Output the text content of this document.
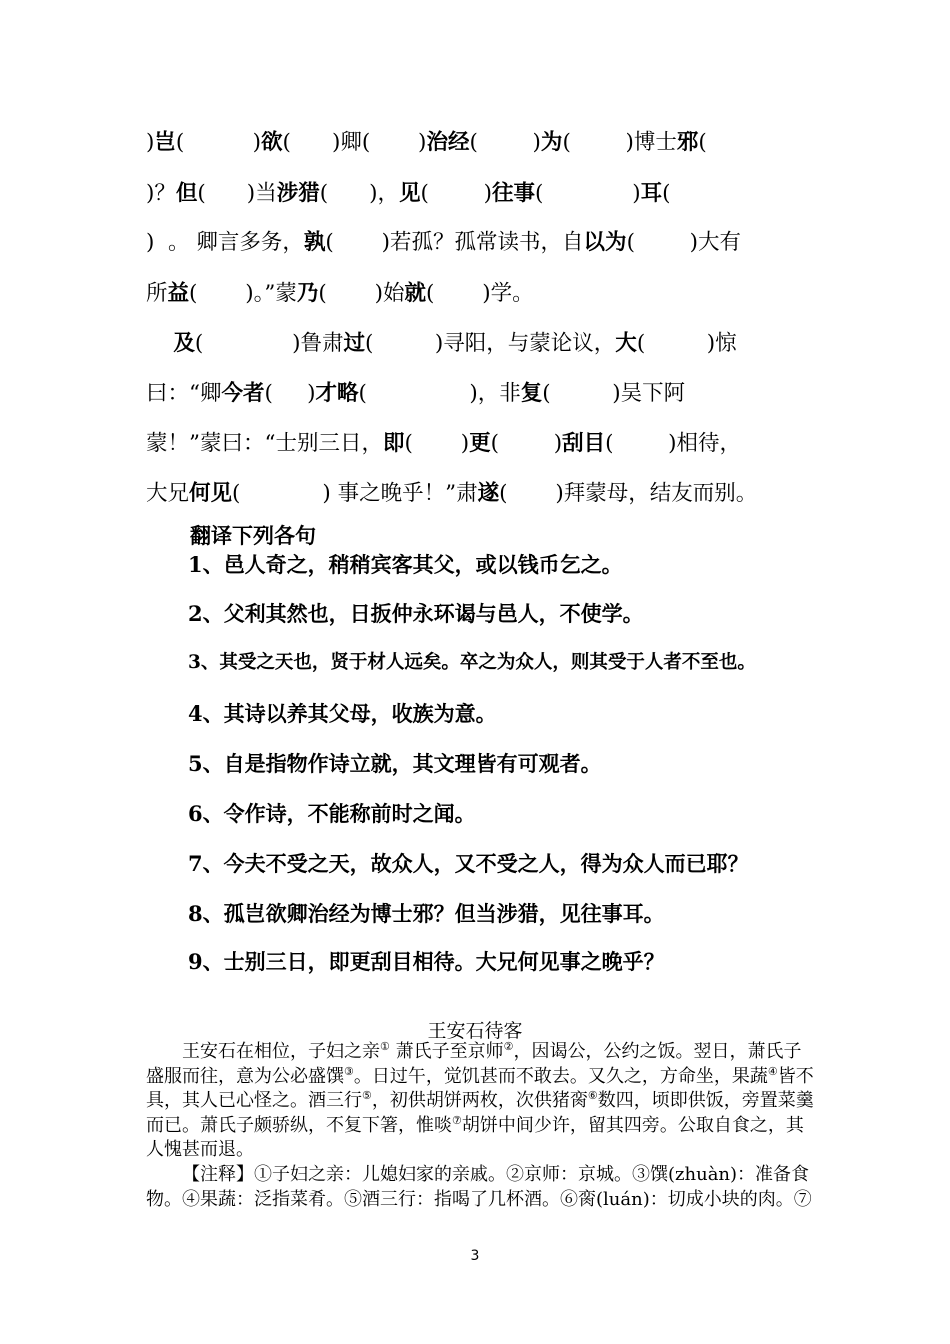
)岂(          )欲(      )卿(       )治经(        )为(        )博士邪(
)？但(      )当涉猎(      )，见(        )往事(             )耳(
)  。 卿言多务，孰(       )若孤？孤常读书，自以为(        )大有
所益(       )。”蒙乃(       )始就(       )学。
及(             )鲁肃过(         )寻阳，与蒙论议，大(         )惊
曰：“卿今者(     )才略(               )，非复(         )吴下阿
蒙！”蒙曰：“士别三日，即(       )更(        )刮目(        )相待，
大兄何见(            ) 事之晚乎！”肃遂(       )拜蒙母，结友而别。
翻译下列各句
1、邑人奇之，稍稍宾客其父，或以钱币乞之。
2、父利其然也，日扳仲永环谒与邑人，不使学。
3、其受之天也，贤于材人远矣。卒之为众人，则其受于人者不至也。
4、其诗以养其父母，收族为意。
5、自是指物作诗立就，其文理皆有可观者。
6、令作诗，不能称前时之闻。
7、今夫不受之天，故众人，又不受之人，得为众人而已耶？
8、孤岂欲卿治经为博士邪？但当涉猎，见往事耳。
9、士别三日，即更刮目相待。大兄何见事之晚乎？
王安石待客

王安石在相位，子妇之亲① 萧氏子至京师②，因谒公，公约之饭。翌日，萧氏子盛服而往，意为公必盛馔③。日过午，觉饥甚而不敢去。又久之，方命坐，果蔬④皆不具，其人已心怪之。酒三行⑤，初供胡饼两枚，次供猪脔⑥数四，顷即供饭，旁置菜羹而已。萧氏子颇骄纵，不复下箸，惟啖⑦胡饼中间少许，留其四旁。公取自食之，其人愧甚而退。

【注释】①子妇之亲：儿媳妇家的亲戚。②京师：京城。③馔(zhuàn)：准备食物。④果蔬：泛指菜肴。⑤酒三行：指喝了几杯酒。⑥脔(luán)：切成小块的肉。⑦

3
